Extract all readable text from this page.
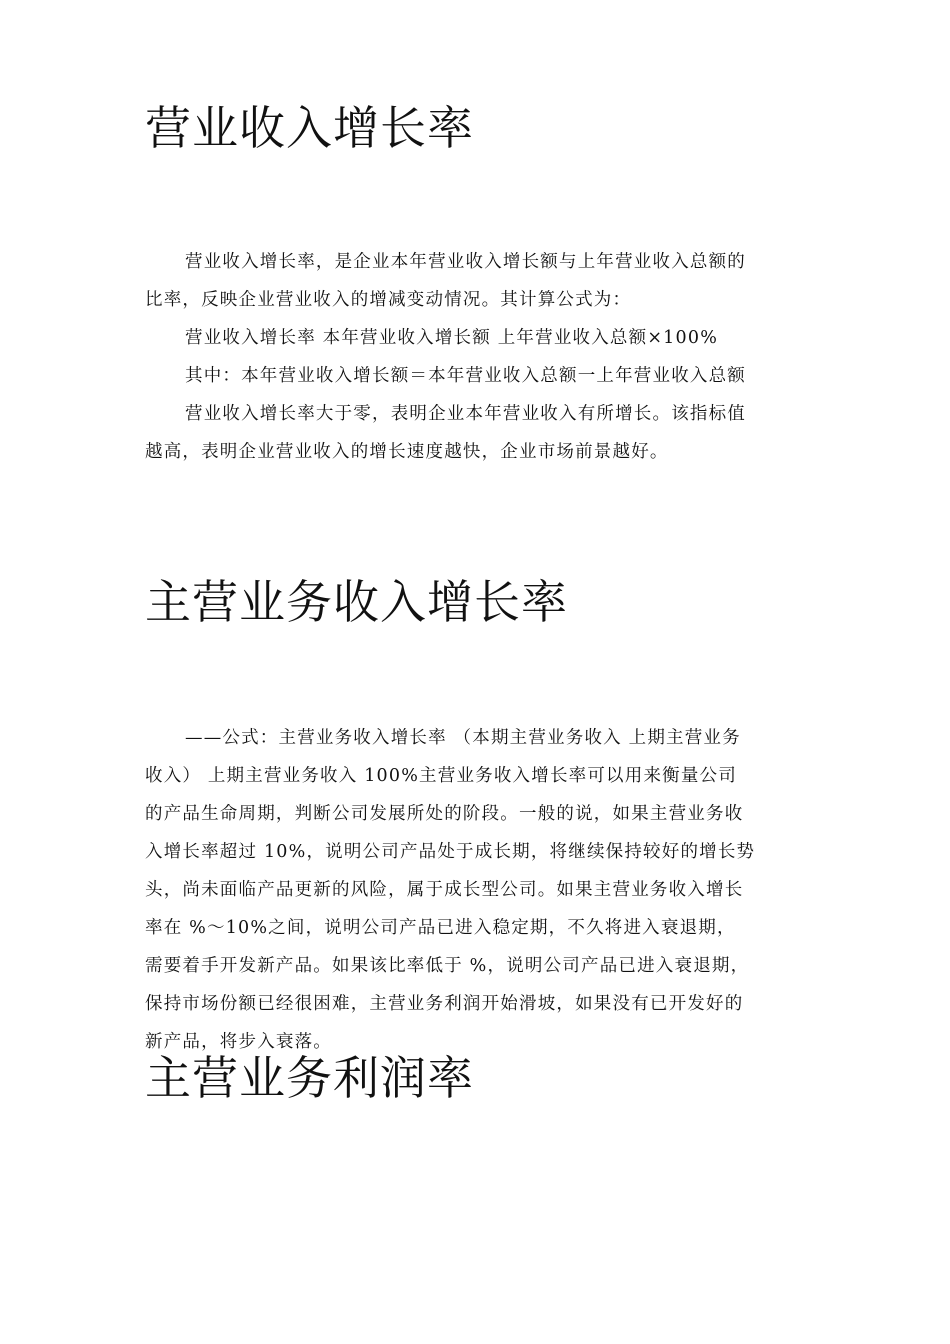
营业收入增长率

营业收入增长率，是企业本年营业收入增长额与上年营业收入总额的

比率，反映企业营业收入的增减变动情况。其计算公式为：

营业收入增长率 本年营业收入增长额 上年营业收入总额×100%

其中：本年营业收入增长额＝本年营业收入总额一上年营业收入总额

营业收入增长率大于零，表明企业本年营业收入有所增长。该指标值

越高，表明企业营业收入的增长速度越快，企业市场前景越好。

主营业务收入增长率

——公式：主营业务收入增长率 （本期主营业务收入 上期主营业务

收入） 上期主营业务收入 100%主营业务收入增长率可以用来衡量公司

的产品生命周期，判断公司发展所处的阶段。一般的说，如果主营业务收

入增长率超过 10%，说明公司产品处于成长期，将继续保持较好的增长势

头，尚未面临产品更新的风险，属于成长型公司。如果主营业务收入增长

率在 %～10%之间，说明公司产品已进入稳定期，不久将进入衰退期，

需要着手开发新产品。如果该比率低于 %，说明公司产品已进入衰退期，

保持市场份额已经很困难，主营业务利润开始滑坡，如果没有已开发好的

新产品，将步入衰落。

主营业务利润率
